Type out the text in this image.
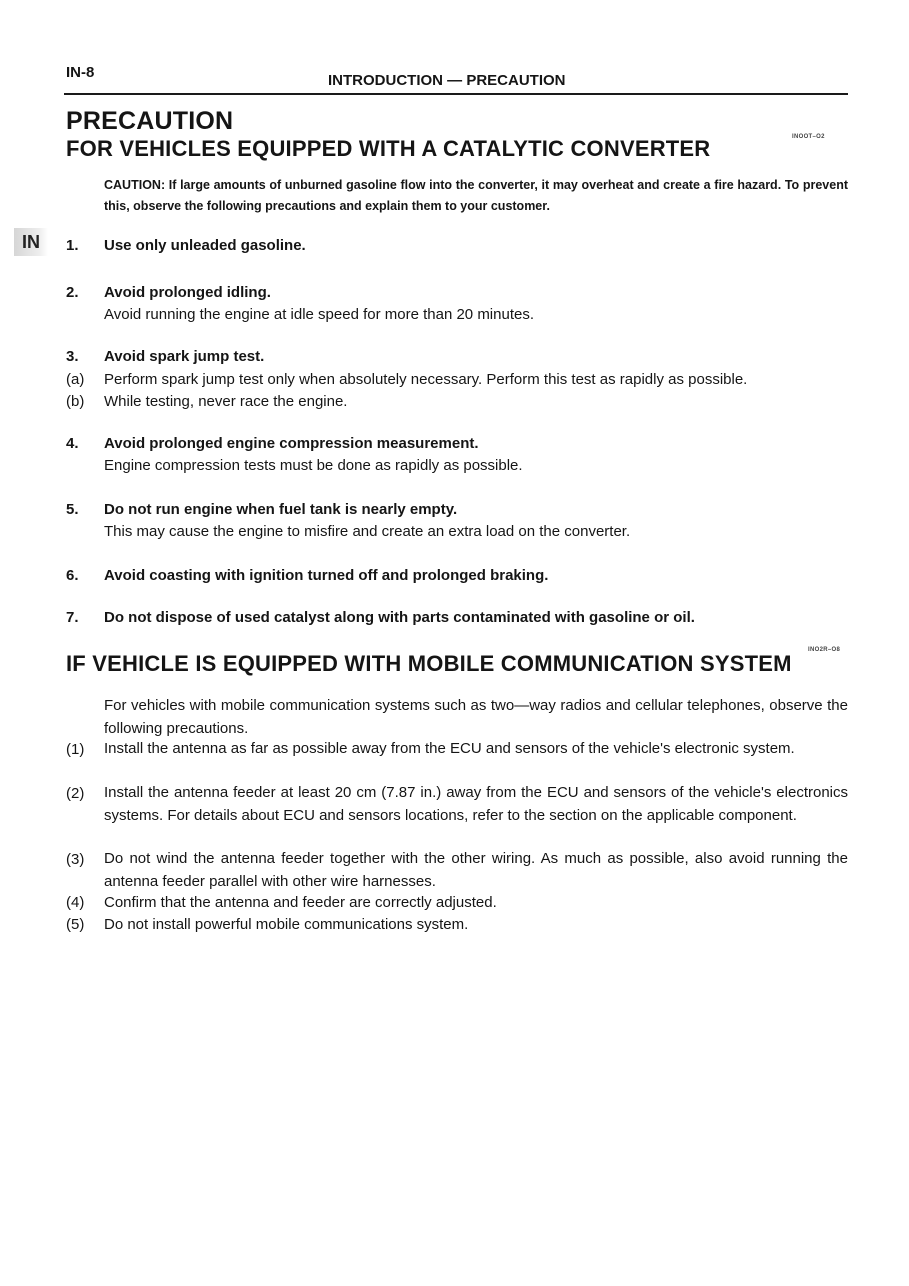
IN-8	INTRODUCTION — PRECAUTION
IN
PRECAUTION
FOR VEHICLES EQUIPPED WITH A CATALYTIC CONVERTER	INOOT–O2
CAUTION: If large amounts of unburned gasoline flow into the converter, it may overheat and create a fire hazard. To prevent this, observe the following precautions and explain them to your customer.
1. Use only unleaded gasoline.
2. Avoid prolonged idling.
Avoid running the engine at idle speed for more than 20 minutes.
3. Avoid spark jump test.
(a) Perform spark jump test only when absolutely necessary. Perform this test as rapidly as possible.
(b) While testing, never race the engine.
4. Avoid prolonged engine compression measurement.
Engine compression tests must be done as rapidly as possible.
5. Do not run engine when fuel tank is nearly empty.
This may cause the engine to misfire and create an extra load on the converter.
6. Avoid coasting with ignition turned off and prolonged braking.
7. Do not dispose of used catalyst along with parts contaminated with gasoline or oil.
IF VEHICLE IS EQUIPPED WITH MOBILE COMMUNICATION SYSTEM
INO2R–O8
For vehicles with mobile communication systems such as two—way radios and cellular telephones, observe the following precautions.
(1) Install the antenna as far as possible away from the ECU and sensors of the vehicle's electronic system.
(2) Install the antenna feeder at least 20 cm (7.87 in.) away from the ECU and sensors of the vehicle's electronics systems. For details about ECU and sensors locations, refer to the section on the applicable component.
(3) Do not wind the antenna feeder together with the other wiring. As much as possible, also avoid running the antenna feeder parallel with other wire harnesses.
(4) Confirm that the antenna and feeder are correctly adjusted.
(5) Do not install powerful mobile communications system.
